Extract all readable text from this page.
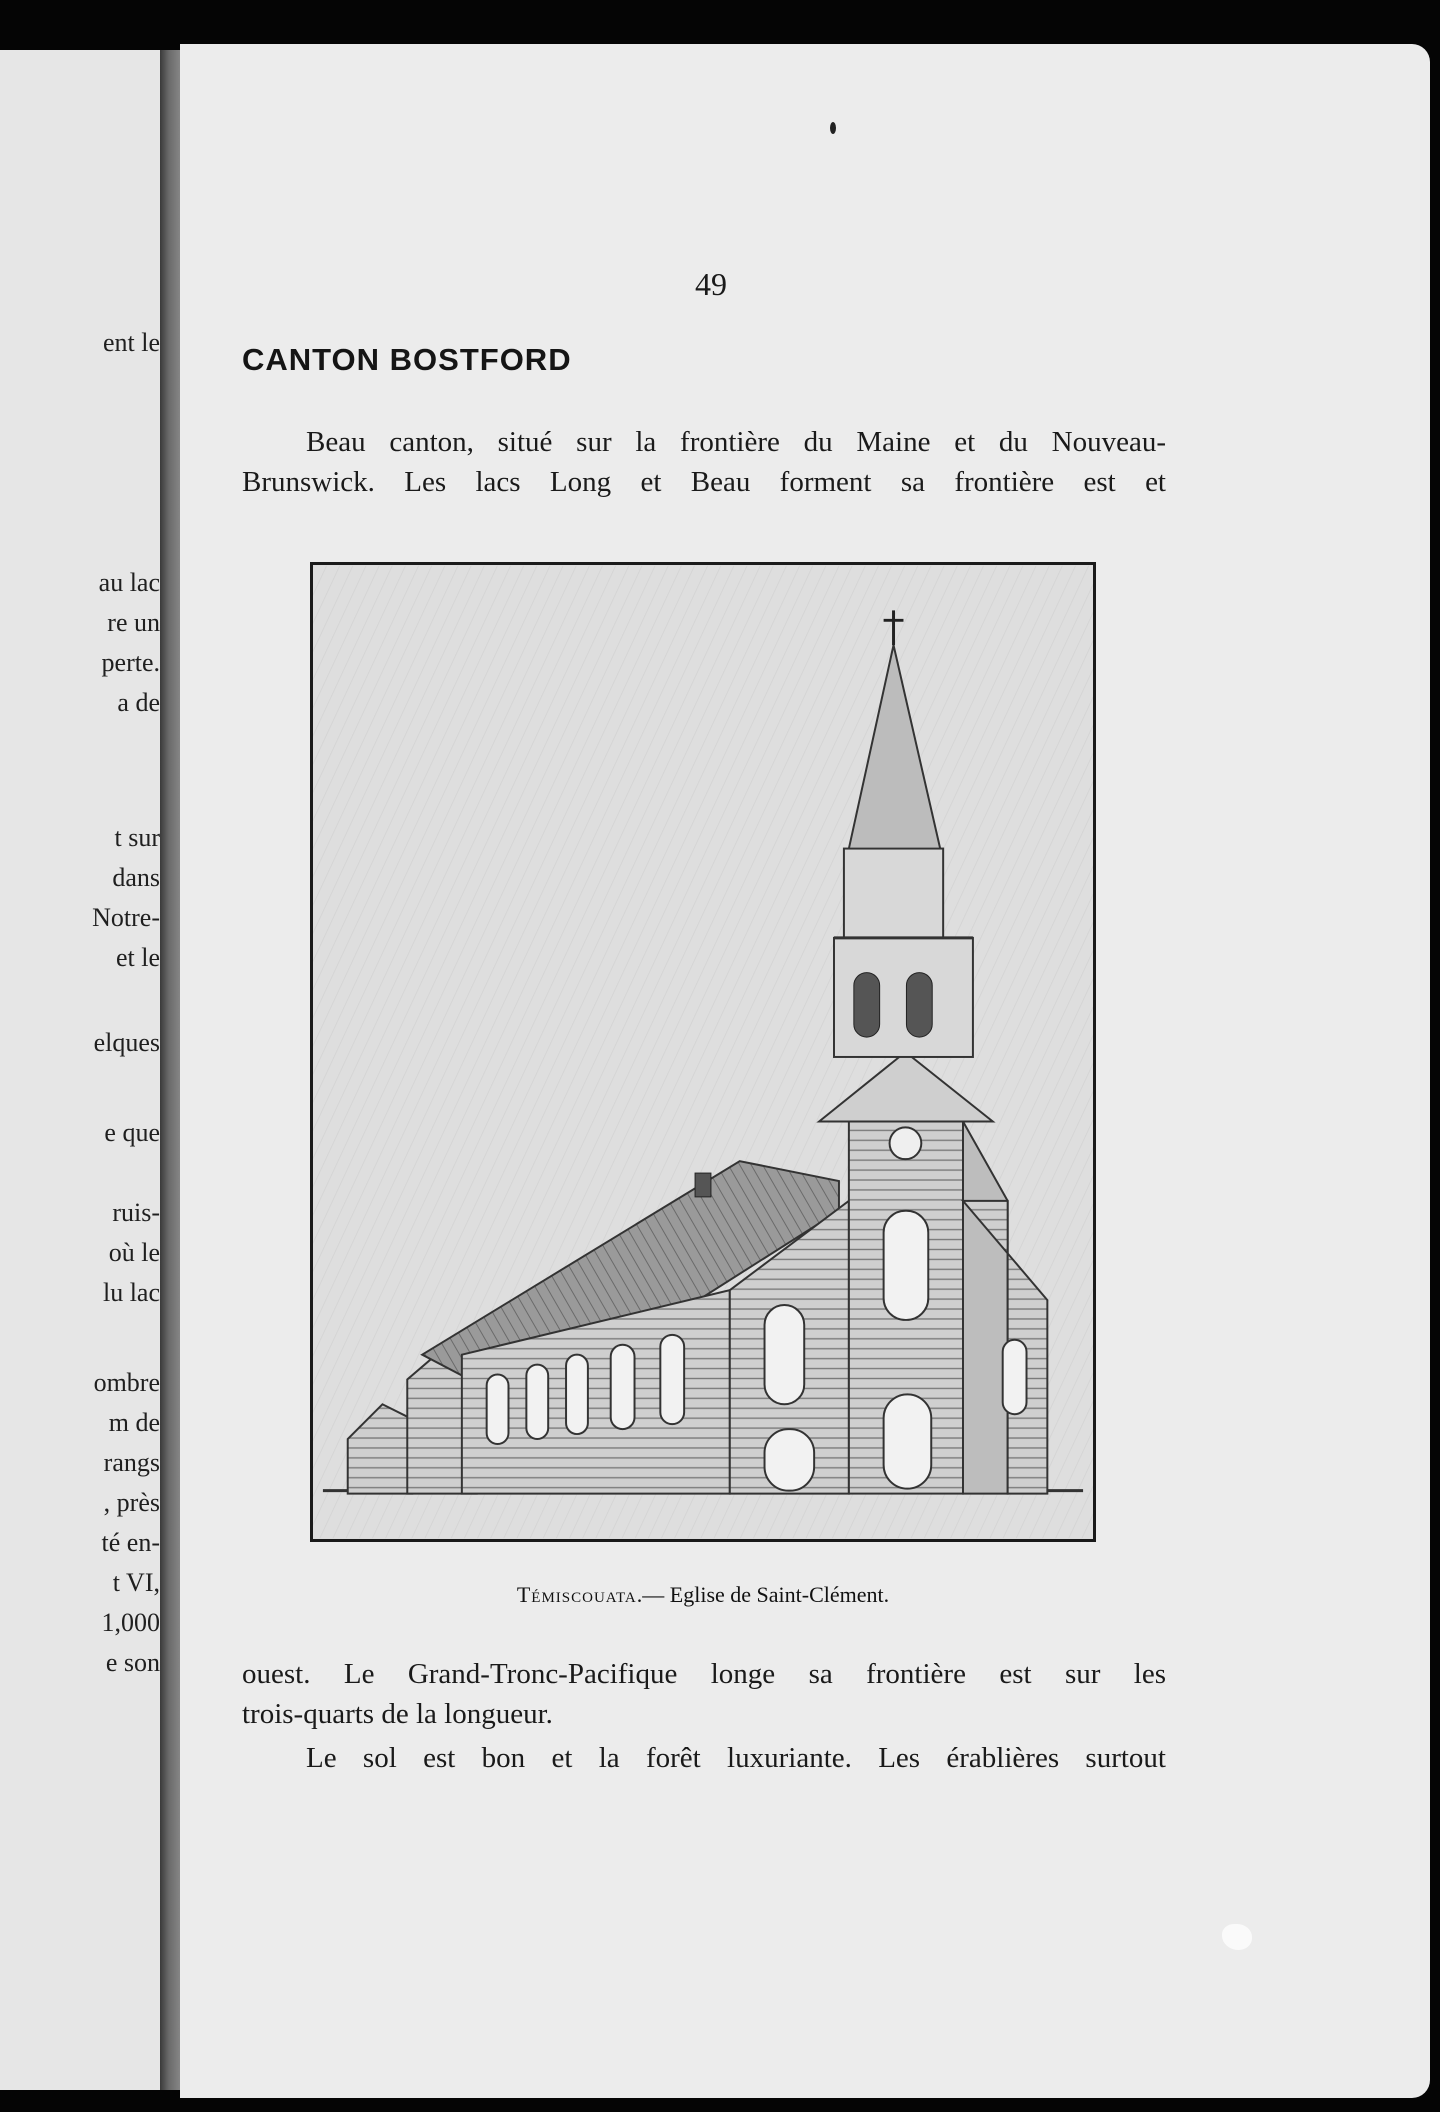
ent le
au lac
re un
perte.
a de
t sur
dans
Notre-
et le
elques
e que
ruis-
où le
lu lac
ombre
m de
rangs
, près
té en-
t VI,
1,000
e son
49
CANTON BOSTFORD
Beau canton, situé sur la frontière du Maine et du Nouveau-
Brunswick. Les lacs Long et Beau forment sa frontière est et
Témiscouata.— Eglise de Saint-Clément.
ouest. Le Grand-Tronc-Pacifique longe sa frontière est sur les
trois-quarts de la longueur.
Le sol est bon et la forêt luxuriante. Les érablières surtout
